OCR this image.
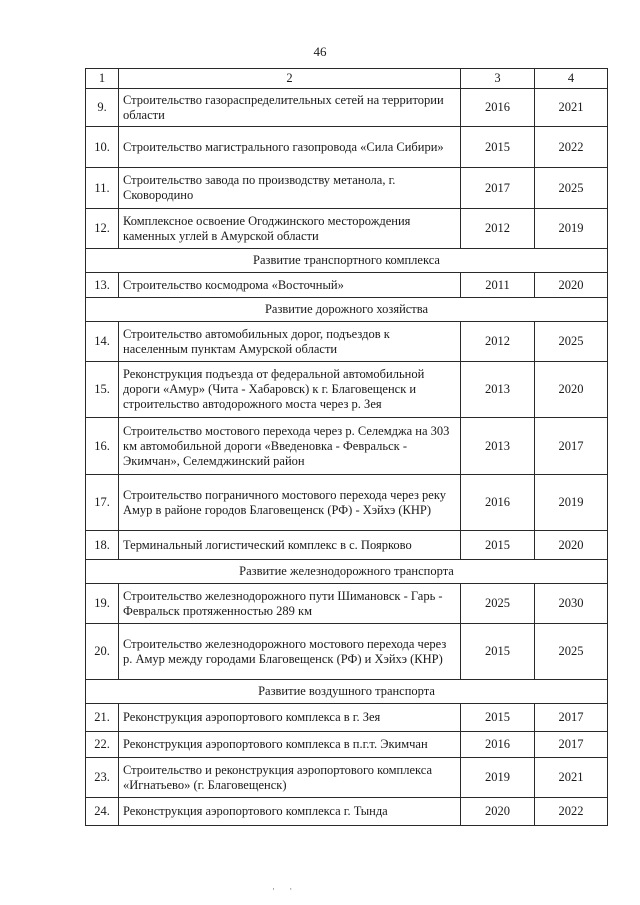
46
1	2	3	4
9.	Строительство газораспределительных сетей на территории области	2016	2021
10.	Строительство магистрального газопровода «Сила Сибири»	2015	2022
11.	Строительство завода по производству метанола, г. Сковородино	2017	2025
12.	Комплексное освоение Огоджинского месторождения каменных углей в Амурской области	2012	2019
Развитие транспортного комплекса			
13.	Строительство космодрома «Восточный»	2011	2020
Развитие дорожного хозяйства			
14.	Строительство автомобильных дорог, подъездов к населенным пунктам Амурской области	2012	2025
15.	Реконструкция подъезда от федеральной автомобильной дороги «Амур» (Чита - Хабаровск) к г. Благовещенск и строительство автодорожного моста через р. Зея	2013	2020
16.	Строительство мостового перехода через р. Селемджа на 303 км автомобильной дороги «Введеновка - Февральск - Экимчан», Селемджинский район	2013	2017
17.	Строительство пограничного мостового перехода через реку Амур в районе городов Благовещенск (РФ) - Хэйхэ (КНР)	2016	2019
18.	Терминальный логистический комплекс в с. Поярково	2015	2020
Развитие железнодорожного транспорта			
19.	Строительство железнодорожного пути Шимановск - Гарь - Февральск протяженностью 289 км	2025	2030
20.	Строительство железнодорожного мостового перехода через р. Амур между городами Благовещенск (РФ) и Хэйхэ (КНР)	2015	2025
Развитие воздушного транспорта			
21.	Реконструкция аэропортового комплекса в г. Зея	2015	2017
22.	Реконструкция аэропортового комплекса в п.г.т. Экимчан	2016	2017
23.	Строительство и реконструкция аэропортового комплекса «Игнатьево» (г. Благовещенск)	2019	2021
24.	Реконструкция аэропортового комплекса г. Тында	2020	2022
· ·
